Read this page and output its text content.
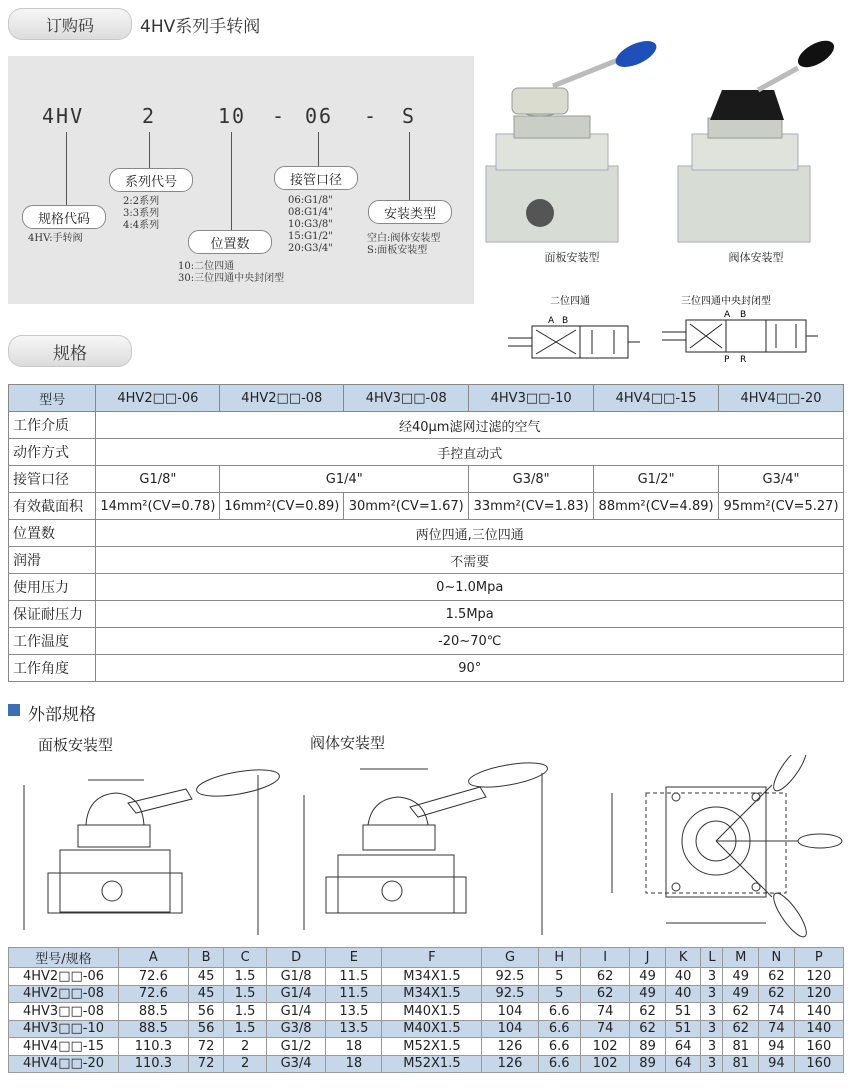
订购码	4HV系列手转阀
4HV	2	10 - 06 - S
系列代号
规格代码
位置数
接管口径
安装类型
4HV:手转阀
2:2系列
3:3系列
4:4系列
10:二位四通
30:三位四通中央封闭型
06:G1/8"
08:G1/4"
10:G3/8"
15:G1/2"
20:G3/4"
空白:阀体安装型
S:面板安装型
面板安装型	阀体安装型
二位四通
A B
三位四通中央封闭型
A B
P R
规格
型号	4HV2□□-06	4HV2□□-08	4HV3□□-08	4HV3□□-10	4HV4□□-15	4HV4□□-20
工作介质	经40μm滤网过滤的空气					
动作方式	手控直动式					
接管口径	G1/8"	G1/4"		G3/8"	G1/2"	G3/4"
有效截面积	14mm²(CV=0.78)	16mm²(CV=0.89)	30mm²(CV=1.67)	33mm²(CV=1.83)	88mm²(CV=4.89)	95mm²(CV=5.27)
位置数	两位四通,三位四通					
润滑	不需要					
使用压力	0~1.0Mpa					
保证耐压力	1.5Mpa					
工作温度	-20~70℃					
工作角度	90°					
外部规格
面板安装型	阀体安装型
型号/规格	A	B	C	D	E	F	G	H	I	J	K	L	M	N	P
4HV2□□-06	72.6	45	1.5	G1/8	11.5	M34X1.5	92.5	5	62	49	40	3	49	62	120
4HV2□□-08	72.6	45	1.5	G1/4	11.5	M34X1.5	92.5	5	62	49	40	3	49	62	120
4HV3□□-08	88.5	56	1.5	G1/4	13.5	M40X1.5	104	6.6	74	62	51	3	62	74	140
4HV3□□-10	88.5	56	1.5	G3/8	13.5	M40X1.5	104	6.6	74	62	51	3	62	74	140
4HV4□□-15	110.3	72	2	G1/2	18	M52X1.5	126	6.6	102	89	64	3	81	94	160
4HV4□□-20	110.3	72	2	G3/4	18	M52X1.5	126	6.6	102	89	64	3	81	94	160
